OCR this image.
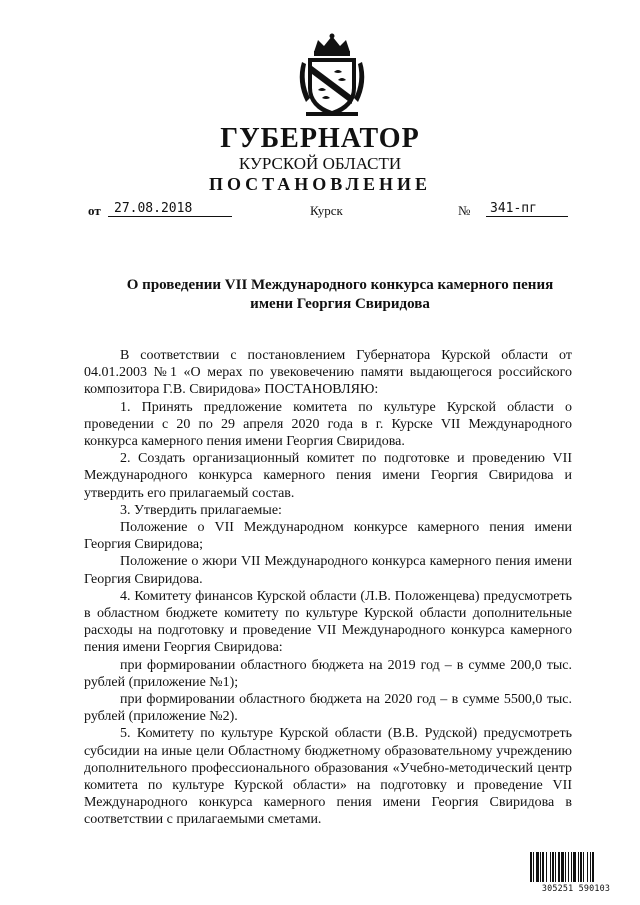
ГУБЕРНАТОР
КУРСКОЙ ОБЛАСТИ
ПОСТАНОВЛЕНИЕ
от	27.08.2018	Курск	№	341-пг
О проведении VII Международного конкурса камерного пения имени Георгия Свиридова

В соответствии с постановлением Губернатора Курской области от 04.01.2003 №1 «О мерах по увековечению памяти выдающегося российского композитора Г.В. Свиридова» ПОСТАНОВЛЯЮ:

1. Принять предложение комитета по культуре Курской области о проведении с 20 по 29 апреля 2020 года в г. Курске VII Международного конкурса камерного пения имени Георгия Свиридова.

2. Создать организационный комитет по подготовке и проведению VII Международного конкурса камерного пения имени Георгия Свиридова и утвердить его прилагаемый состав.

3. Утвердить прилагаемые:

Положение о VII Международном конкурсе камерного пения имени Георгия Свиридова;

Положение о жюри VII Международного конкурса камерного пения имени Георгия Свиридова.

4. Комитету финансов Курской области (Л.В. Положенцева) предусмотреть в областном бюджете комитету по культуре Курской области дополнительные расходы на подготовку и проведение VII Международного конкурса камерного пения имени Георгия Свиридова:

при формировании областного бюджета на 2019 год – в сумме 200,0 тыс. рублей (приложение №1);

при формировании областного бюджета на 2020 год – в сумме 5500,0 тыс. рублей (приложение №2).

5. Комитету по культуре Курской области (В.В. Рудской) предусмотреть субсидии на иные цели Областному бюджетному образовательному учреждению дополнительного профессионального образования «Учебно-методический центр комитета по культуре Курской области» на подготовку и проведение VII Международного конкурса камерного пения имени Георгия Свиридова в соответствии с прилагаемыми сметами.

305251 590103
